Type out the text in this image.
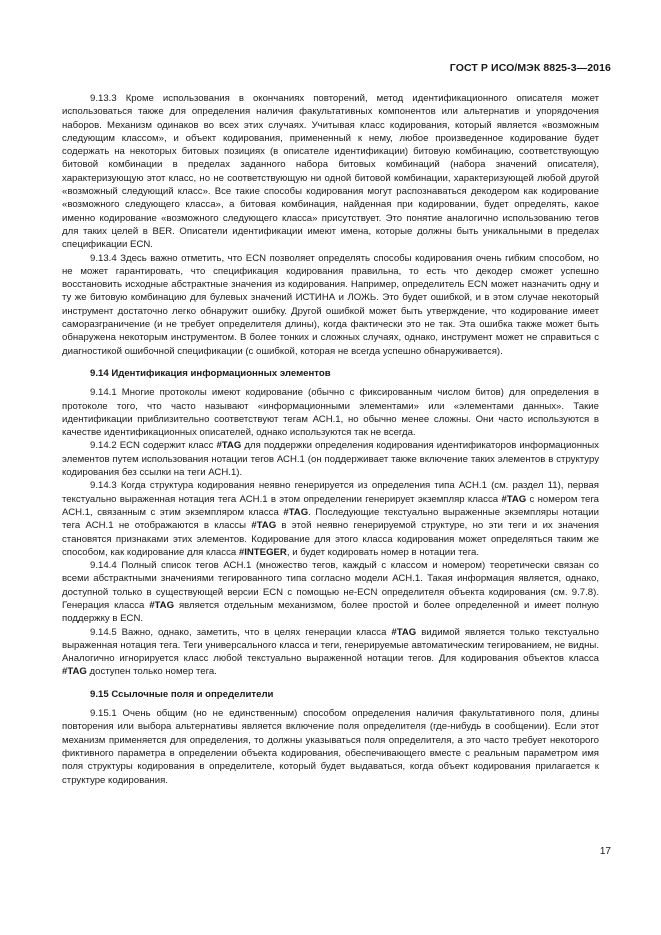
ГОСТ Р ИСО/МЭК 8825-3—2016

9.13.3 Кроме использования в окончаниях повторений, метод идентификационного описателя может использоваться также для определения наличия факультативных компонентов или альтернатив и упорядочения наборов. Механизм одинаков во всех этих случаях. Учитывая класс кодирования, который является «возможным следующим классом», и объект кодирования, примененный к нему, любое произведенное кодирование будет содержать на некоторых битовых позициях (в описателе идентификации) битовую комбинацию, соответствующую битовой комбинации в пределах заданного набора битовых комбинаций (набора значений описателя), характеризующую этот класс, но не соответствующую ни одной битовой комбинации, характеризующей любой другой «возможный следующий класс». Все такие способы кодирования могут распознаваться декодером как кодирование «возможного следующего класса», а битовая комбинация, найденная при кодировании, будет определять, какое именно кодирование «возможного следующего класса» присутствует. Это понятие аналогично использованию тегов для таких целей в BER. Описатели идентификации имеют имена, которые должны быть уникальными в пределах спецификации ECN.

9.13.4 Здесь важно отметить, что ECN позволяет определять способы кодирования очень гибким способом, но не может гарантировать, что спецификация кодирования правильна, то есть что декодер сможет успешно восстановить исходные абстрактные значения из кодирования. Например, определитель ECN может назначить одну и ту же битовую комбинацию для булевых значений ИСТИНА и ЛОЖЬ. Это будет ошибкой, и в этом случае некоторый инструмент достаточно легко обнаружит ошибку. Другой ошибкой может быть утверждение, что кодирование имеет саморазграничение (и не требует определителя длины), когда фактически это не так. Эта ошибка также может быть обнаружена некоторым инструментом. В более тонких и сложных случаях, однако, инструмент может не справиться с диагностикой ошибочной спецификации (с ошибкой, которая не всегда успешно обнаруживается).

9.14 Идентификация информационных элементов

9.14.1 Многие протоколы имеют кодирование (обычно с фиксированным числом битов) для определения в протоколе того, что часто называют «информационными элементами» или «элементами данных». Такие идентификации приблизительно соответствуют тегам АСН.1, но обычно менее сложны. Они часто используются в качестве идентификационных описателей, однако используются так не всегда.

9.14.2 ECN содержит класс #TAG для поддержки определения кодирования идентификаторов информационных элементов путем использования нотации тегов АСН.1 (он поддерживает также включение таких элементов в структуру кодирования без ссылки на теги АСН.1).

9.14.3 Когда структура кодирования неявно генерируется из определения типа АСН.1 (см. раздел 11), первая текстуально выраженная нотация тега АСН.1 в этом определении генерирует экземпляр класса #TAG с номером тега АСН.1, связанным с этим экземпляром класса #TAG. Последующие текстуально выраженные экземпляры нотации тега АСН.1 не отображаются в классы #TAG в этой неявно генерируемой структуре, но эти теги и их значения становятся признаками этих элементов. Кодирование для этого класса кодирования может определяться таким же способом, как кодирование для класса #INTEGER, и будет кодировать номер в нотации тега.

9.14.4 Полный список тегов АСН.1 (множество тегов, каждый с классом и номером) теоретически связан со всеми абстрактными значениями тегированного типа согласно модели АСН.1. Такая информация является, однако, доступной только в существующей версии ECN с помощью не-ECN определителя объекта кодирования (см. 9.7.8). Генерация класса #TAG является отдельным механизмом, более простой и более определенной и имеет полную поддержку в ECN.

9.14.5 Важно, однако, заметить, что в целях генерации класса #TAG видимой является только текстуально выраженная нотация тега. Теги универсального класса и теги, генерируемые автоматическим тегированием, не видны. Аналогично игнорируется класс любой текстуально выраженной нотации тегов. Для кодирования объектов класса #TAG доступен только номер тега.

9.15 Ссылочные поля и определители

9.15.1 Очень общим (но не единственным) способом определения наличия факультативного поля, длины повторения или выбора альтернативы является включение поля определителя (где-нибудь в сообщении). Если этот механизм применяется для определения, то должны указываться поля определителя, а это часто требует некоторого фиктивного параметра в определении объекта кодирования, обеспечивающего вместе с реальным параметром имя поля структуры кодирования в определителе, который будет выдаваться, когда объект кодирования прилагается к структуре кодирования.

17
